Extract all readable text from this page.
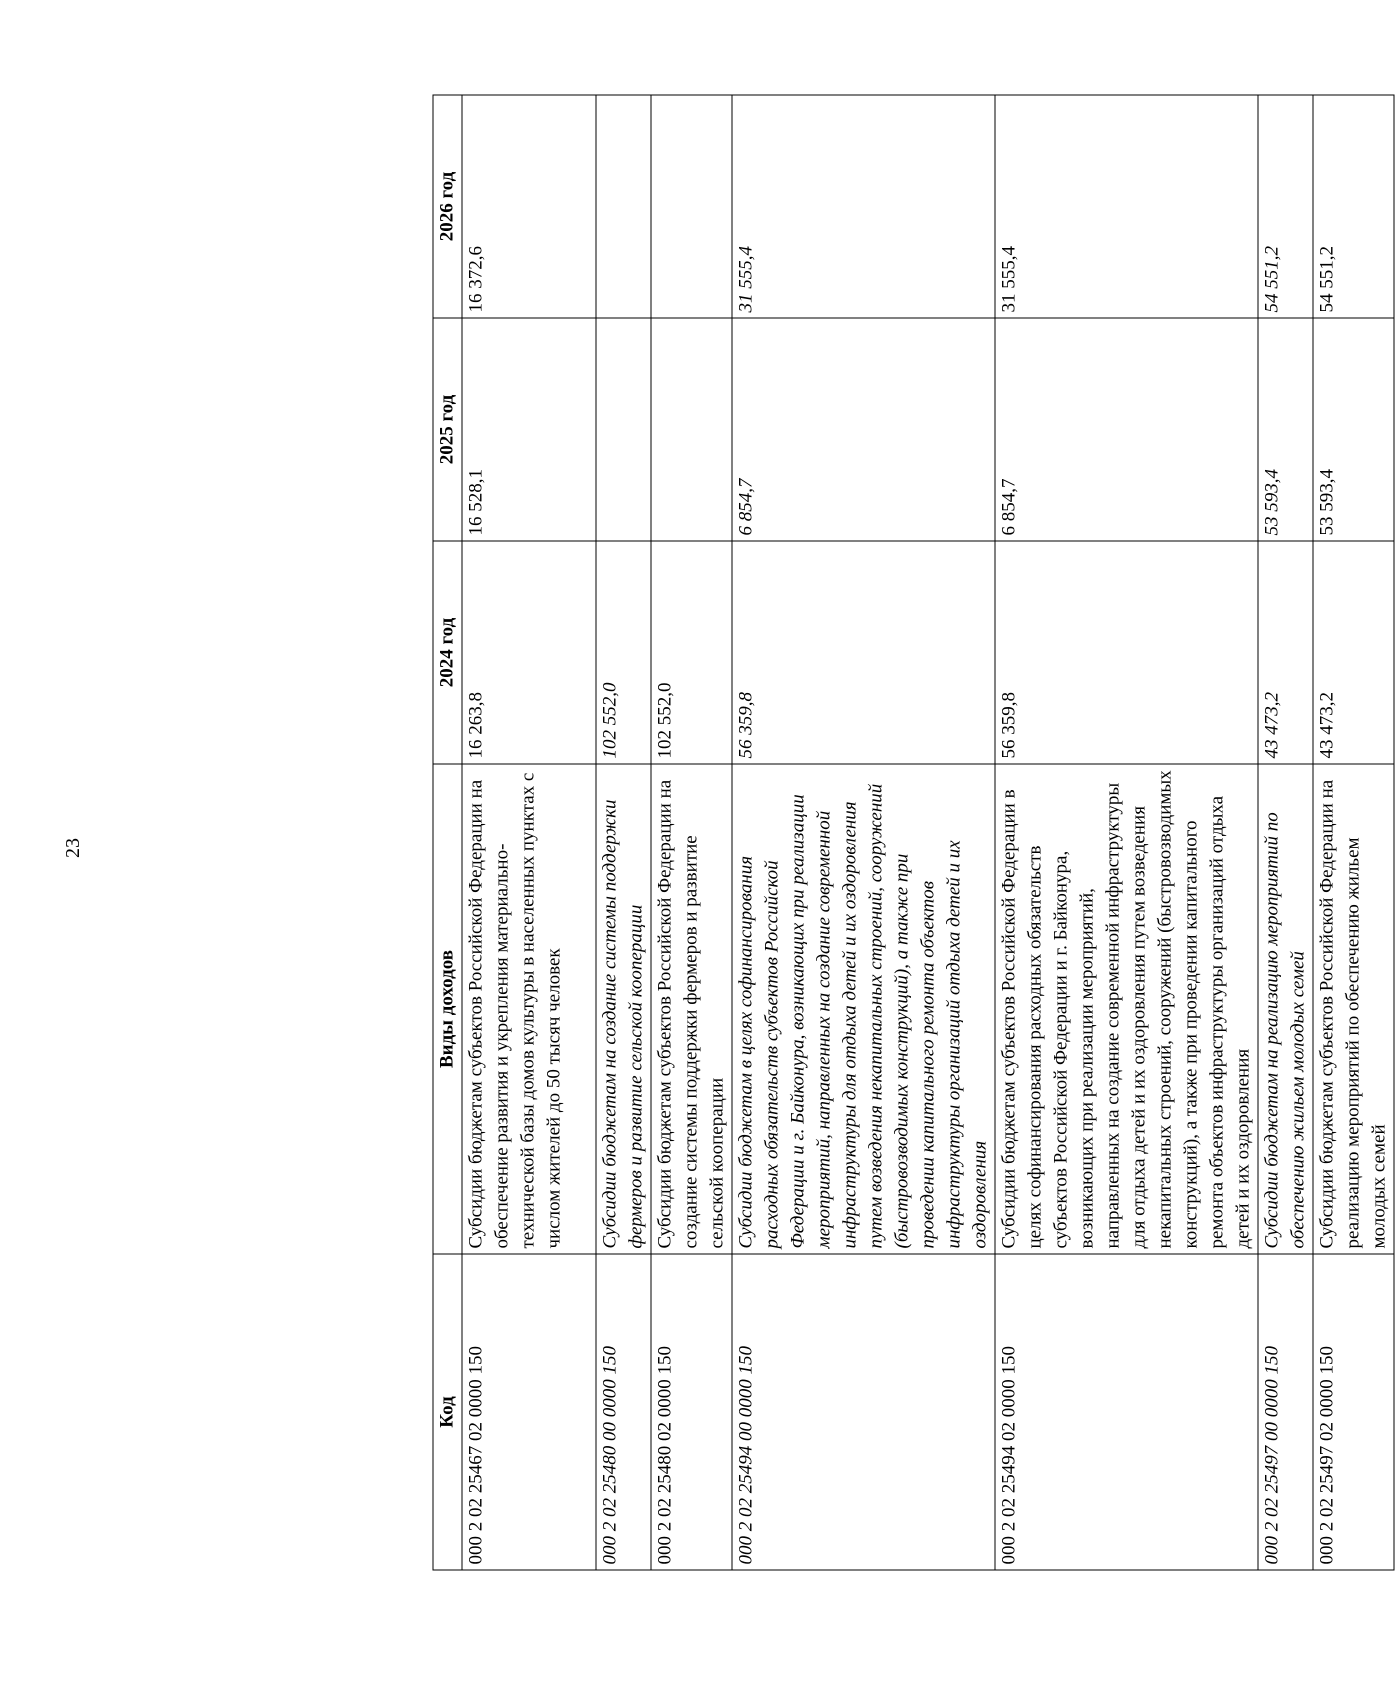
23
Код	Виды доходов	2024 год	2025 год	2026 год
000 2 02 25467 02 0000 150	Субсидии бюджетам субъектов Российской Федерации на обеспечение развития и укрепления материально-технической базы домов культуры в населенных пунктах с числом жителей до 50 тысяч человек	16 263,8	16 528,1	16 372,6
000 2 02 25480 00 0000 150	Субсидии бюджетам на создание системы поддержки фермеров и развитие сельской кооперации	102 552,0		
000 2 02 25480 02 0000 150	Субсидии бюджетам субъектов Российской Федерации на создание системы поддержки фермеров и развитие сельской кооперации	102 552,0		
000 2 02 25494 00 0000 150	Субсидии бюджетам в целях софинансирования расходных обязательств субъектов Российской Федерации и г. Байконура, возникающих при реализации мероприятий, направленных на создание современной инфраструктуры для отдыха детей и их оздоровления путем возведения некапитальных строений, сооружений (быстровозводимых конструкций), а также при проведении капитального ремонта объектов инфраструктуры организаций отдыха детей и их оздоровления	56 359,8	6 854,7	31 555,4
000 2 02 25494 02 0000 150	Субсидии бюджетам субъектов Российской Федерации в целях софинансирования расходных обязательств субъектов Российской Федерации и г. Байконура, возникающих при реализации мероприятий, направленных на создание современной инфраструктуры для отдыха детей и их оздоровления путем возведения некапитальных строений, сооружений (быстровозводимых конструкций), а также при проведении капитального ремонта объектов инфраструктуры организаций отдыха детей и их оздоровления	56 359,8	6 854,7	31 555,4
000 2 02 25497 00 0000 150	Субсидии бюджетам на реализацию мероприятий по обеспечению жильем молодых семей	43 473,2	53 593,4	54 551,2
000 2 02 25497 02 0000 150	Субсидии бюджетам субъектов Российской Федерации на реализацию мероприятий по обеспечению жильем молодых семей	43 473,2	53 593,4	54 551,2
